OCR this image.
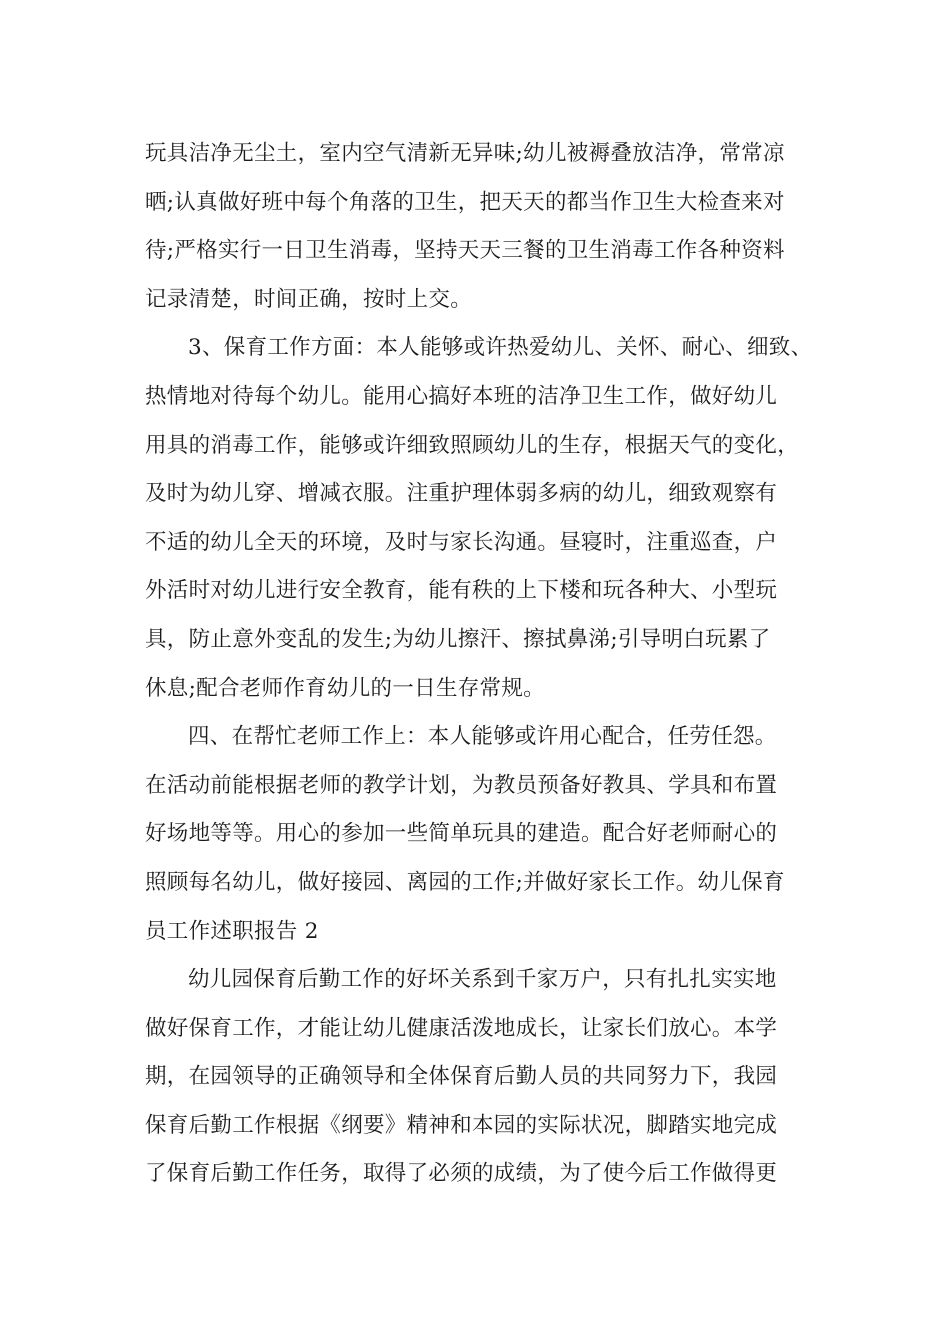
玩具洁净无尘土，室内空气清新无异味;幼儿被褥叠放洁净，常常凉
晒;认真做好班中每个角落的卫生，把天天的都当作卫生大检查来对
待;严格实行一日卫生消毒，坚持天天三餐的卫生消毒工作各种资料
记录清楚，时间正确，按时上交。
3、保育工作方面：本人能够或许热爱幼儿、关怀、耐心、细致、
热情地对待每个幼儿。能用心搞好本班的洁净卫生工作，做好幼儿
用具的消毒工作，能够或许细致照顾幼儿的生存，根据天气的变化，
及时为幼儿穿、增减衣服。注重护理体弱多病的幼儿，细致观察有
不适的幼儿全天的环境，及时与家长沟通。昼寝时，注重巡查，户
外活时对幼儿进行安全教育，能有秩的上下楼和玩各种大、小型玩
具，防止意外变乱的发生;为幼儿擦汗、擦拭鼻涕;引导明白玩累了
休息;配合老师作育幼儿的一日生存常规。
四、在帮忙老师工作上：本人能够或许用心配合，任劳任怨。
在活动前能根据老师的教学计划，为教员预备好教具、学具和布置
好场地等等。用心的参加一些简单玩具的建造。配合好老师耐心的
照顾每名幼儿，做好接园、离园的工作;并做好家长工作。幼儿保育
员工作述职报告 2
幼儿园保育后勤工作的好坏关系到千家万户，只有扎扎实实地
做好保育工作，才能让幼儿健康活泼地成长，让家长们放心。本学
期，在园领导的正确领导和全体保育后勤人员的共同努力下，我园
保育后勤工作根据《纲要》精神和本园的实际状况，脚踏实地完成
了保育后勤工作任务，取得了必须的成绩，为了使今后工作做得更
